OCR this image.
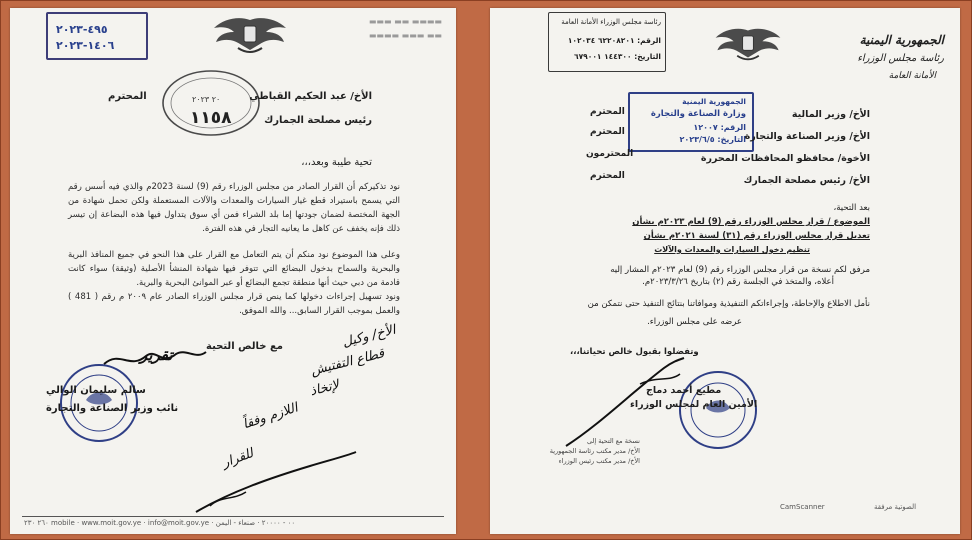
٤٩٥-٢٠٢٣
١٤٠٦-٢٠٢٣
▬▬▬ ▬▬ ▬▬▬▬
▬▬▬▬ ▬▬▬ ▬▬
المحترم	٢٠ ٢٠٢٣
١١٥٨
الأخ/ عبد الحكيم القباطي
رئيس مصلحة الجمارك
تحية طيبة وبعد،،،
نود تذكيركم أن القرار الصادر من مجلس الوزراء رقم (9) لسنة 2023م والذي فيه أسس رقم التي يسمح باستيراد قطع غيار السيارات والمعدات والآلات المستعملة ولكن تحمل شهادة من الجهة المختصة لضمان جودتها إما بلد الشراء فمن أي سوق يتداول فيها هذه البضاعة إن تيسر ذلك فإنه يخفف عن كاهل ما يعانيه التجار في هذه الفترة.
وعلى هذا الموضوع نود منكم أن يتم التعامل مع القرار على هذا النحو في جميع المنافذ البرية والبحرية والسماح بدخول البضائع التي تتوفر فيها شهادة المنشأ الأصلية (وثيقة) سواء كانت قادمة من دبي حيث أنها منطقة تجمع البضائع أو عبر الموانئ البحرية والبرية.
ونود تسهيل إجراءات دخولها كما ينص قرار مجلس الوزراء الصادر عام ٢٠٠٩ م رقم ( 481 ) والعمل بموجب القرار السابق... والله الموفق.
مع خالص التحية
تقرير
سالم سليمان الوالي
نائب وزير الصناعة والتجارة
الأخ/ وكيل
قطاع التفتيش
لإتخاذ
اللازم وفقاً
للقرار
٢٦٠ ٢٣٠ mobile · www.moit.gov.ye · info@moit.gov.ye · ٠٠ - ٢٠٠٠٠ · صنعاء - اليمن
الجمهورية اليمنية
رئاسة مجلس الوزراء
الأمانة العامة
رئاسة مجلس الوزراء الأمانة العامة
الرقم: ٦٢٢٠٨٢٠١ ١٠٢٠٣٤
التاريخ: ١٤٤٣٠٠ ٦٧٩٠٠١
الجمهورية اليمنية
وزارة الصناعة والتجارة
الرقم: ١٢٠٠٧
التاريخ: ٢٠٢٣/٦/٥
الأخ/ وزير المالية
المحترم
الأخ/ وزير الصناعة والتجارة
المحترم
الأخوة/ محافظو المحافظات المحررة
المحترمون
الأخ/ رئيس مصلحة الجمارك
المحترم
بعد التحية،
الموضوع / قرار مجلس الوزراء رقم (9) لعام ٢٠٢٣م بشأن
تعديل قرار مجلس الوزراء رقم (٣١) لسنة ٢٠٢١م بشأن
تنظيم دخول السيارات والمعدات والآلات
مرفق لكم نسخة من قرار مجلس الوزراء رقم (9) لعام ٢٠٢٣م المشار إليه
أعلاه، والمتخذ في الجلسة رقم (٢) بتاريخ ٢٠٢٣/٣/٢٦م.
نأمل الاطلاع والإحاطة، وإجراءاتكم التنفيذية وموافاتنا بنتائج التنفيذ حتى نتمكن من
عرضه على مجلس الوزراء.
وتفضلوا بقبول خالص تحياتنا،،،
مطيع أحمد دماج
الأمين العام لمجلس الوزراء
نسخة مع التحية إلى
الأخ/ مدير مكتب رئاسة الجمهورية
الأخ/ مدير مكتب رئيس الوزراء
CamScanner	الصوتية مرفقة
